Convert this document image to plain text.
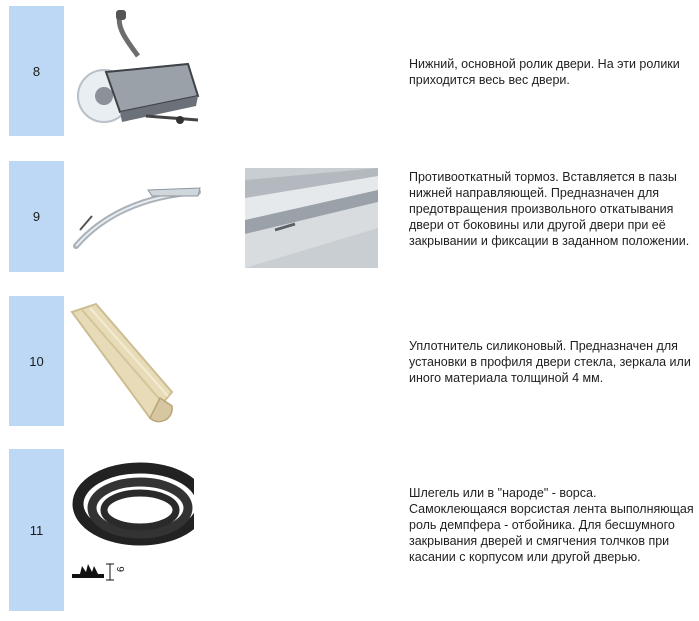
8	Нижний, основной ролик двери. На эти ролики приходится весь вес двери.
9
Противооткатный тормоз. Вставляется в пазы нижней направляющей. Предназначен для предотвращения произвольного откатывания двери от боковины или другой двери при её закрывании и фиксации в заданном положении.
10
Уплотнитель силиконовый. Предназначен для установки в профиля двери стекла, зеркала или иного материала толщиной 4 мм.
11
6
Шлегель или в "народе" - ворса. Самоклеющаяся ворсистая лента выполняющая роль демпфера - отбойника. Для бесшумного закрывания дверей и смягчения толчков при касании с корпусом или другой дверью.
